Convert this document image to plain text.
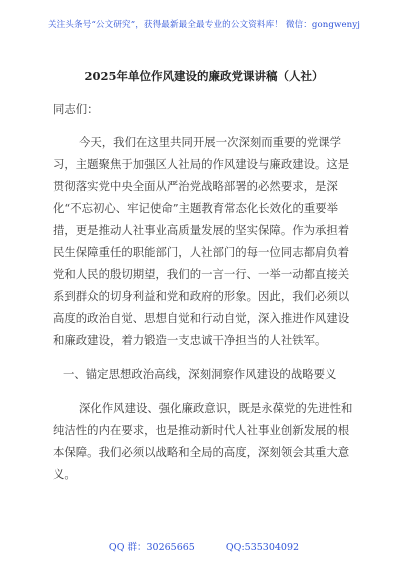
关注头条号“公文研究”，获得最新最全最专业的公文资料库！ 微信：gongwenyj
2025年单位作风建设的廉政党课讲稿（人社）

同志们：

今天，我们在这里共同开展一次深刻而重要的党课学习，主题聚焦于加强区人社局的作风建设与廉政建设。这是贯彻落实党中央全面从严治党战略部署的必然要求，是深化“不忘初心、牢记使命”主题教育常态化长效化的重要举措，更是推动人社事业高质量发展的坚实保障。作为承担着民生保障重任的职能部门，人社部门的每一位同志都肩负着党和人民的殷切期望，我们的一言一行、一举一动都直接关系到群众的切身利益和党和政府的形象。因此，我们必须以高度的政治自觉、思想自觉和行动自觉，深入推进作风建设和廉政建设，着力锻造一支忠诚干净担当的人社铁军。

一、锚定思想政治高线，深刻洞察作风建设的战略要义

深化作风建设、强化廉政意识，既是永葆党的先进性和纯洁性的内在要求，也是推动新时代人社事业创新发展的根本保障。我们必须以战略和全局的高度，深刻领会其重大意义。

QQ 群：30265665	QQ:535304092
